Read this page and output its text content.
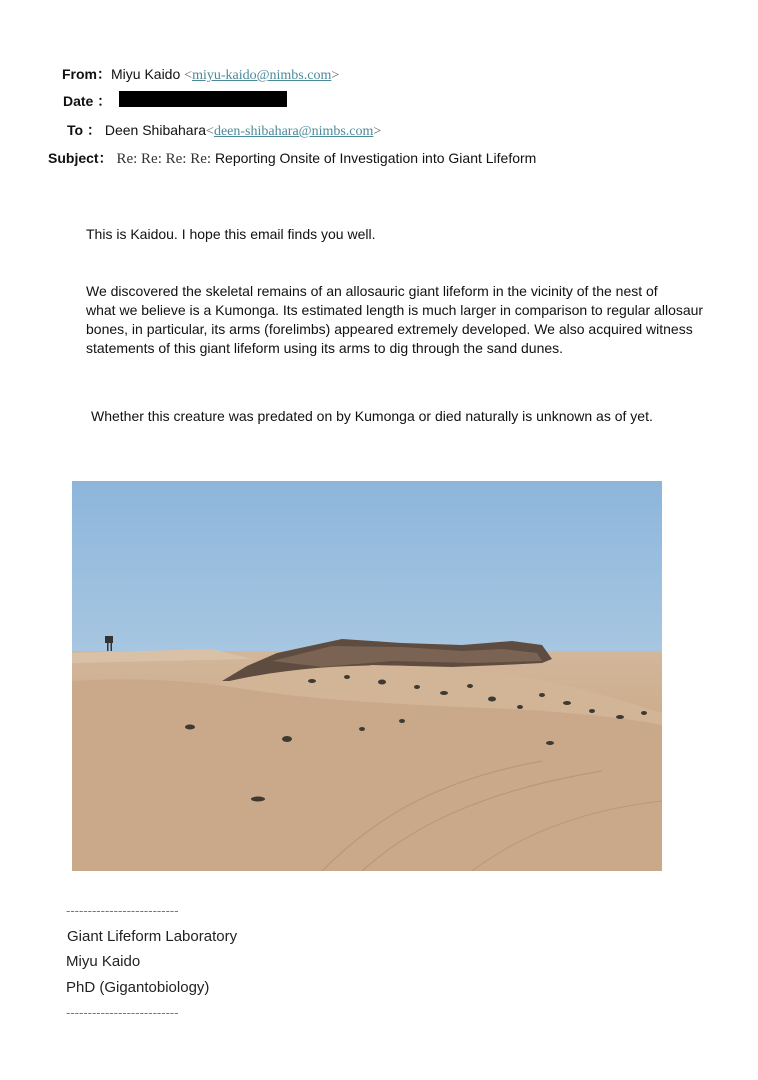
From：Miyu Kaido <miyu-kaido@nimbs.com>
Date ：
To ： Deen Shibahara<deen-shibahara@nimbs.com>
Subject： Re: Re: Re: Re: Reporting Onsite of Investigation into Giant Lifeform
This is Kaidou. I hope this email finds you well.
We discovered the skeletal remains of an allosauric giant lifeform in the vicinity of the nest of
what we believe is a Kumonga. Its estimated length is much larger in comparison to regular allosaur
bones, in particular, its arms (forelimbs) appeared extremely developed. We also acquired witness
statements of this giant lifeform using its arms to dig through the sand dunes.
Whether this creature was predated on by Kumonga or died naturally is unknown as of yet.
--------------------------
Giant Lifeform Laboratory
Miyu Kaido
PhD (Gigantobiology)
--------------------------
